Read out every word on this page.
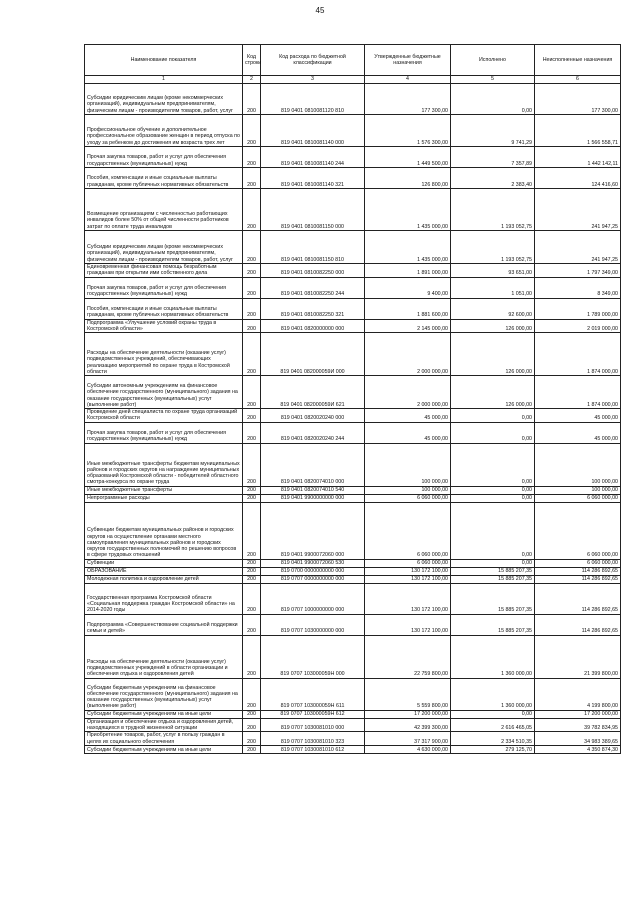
45
Наименование показателя	Код строки	Код расхода по бюджетной классификации	Утвержденные бюджетные назначения	Исполнено	Неисполненные назначения
1	2	3	4	5	6
Субсидии юридическим лицам (кроме некоммерческих организаций), индивидуальным предпринимателям, физическим лицам - производителям товаров, работ, услуг	200	819 0401 0810081120 810	177 300,00	0,00	177 300,00
Профессиональное обучение и дополнительное профессиональное образование женщин в период отпуска по уходу за ребенком до достижения им возраста трех лет	200	819 0401 0810081140 000	1 576 300,00	9 741,29	1 566 558,71
Прочая закупка товаров, работ и услуг для обеспечения государственных (муниципальных) нужд	200	819 0401 0810081140 244	1 449 500,00	7 357,89	1 442 142,11
Пособия, компенсации и иные социальные выплаты гражданам, кроме публичных нормативных обязательств	200	819 0401 0810081140 321	126 800,00	2 383,40	124 416,60
Возмещение организациям с численностью работающих инвалидов более 50% от общей численности работников затрат по оплате труда инвалидов	200	819 0401 0810081150 000	1 435 000,00	1 193 052,75	241 947,25
Субсидии юридическим лицам (кроме некоммерческих организаций), индивидуальным предпринимателям, физическим лицам - производителям товаров, работ, услуг	200	819 0401 0810081150 810	1 435 000,00	1 193 052,75	241 947,25
Единовременная финансовая помощь безработным гражданам при открытии ими собственного дела	200	819 0401 0810082250 000	1 891 000,00	93 651,00	1 797 349,00
Прочая закупка товаров, работ и услуг для обеспечения государственных (муниципальных) нужд	200	819 0401 0810082250 244	9 400,00	1 051,00	8 349,00
Пособия, компенсации и иные социальные выплаты гражданам, кроме публичных нормативных обязательств	200	819 0401 0810082250 321	1 881 600,00	92 600,00	1 789 000,00
Подпрограмма «Улучшение условий охраны труда в Костромской области»	200	819 0401 0820000000 000	2 145 000,00	126 000,00	2 019 000,00
Расходы на обеспечение деятельности (оказание услуг) подведомственных учреждений, обеспечивающих реализацию мероприятий по охране труда в Костромской области	200	819 0401 082000059И 000	2 000 000,00	126 000,00	1 874 000,00
Субсидии автономным учреждениям на финансовое обеспечение государственного (муниципального) задания на оказание государственных (муниципальных) услуг (выполнение работ)	200	819 0401 082000059И 621	2 000 000,00	126 000,00	1 874 000,00
Проведение дней специалиста по охране труда организаций Костромской области	200	819 0401 0820020240 000	45 000,00	0,00	45 000,00
Прочая закупка товаров, работ и услуг для обеспечения государственных (муниципальных) нужд	200	819 0401 0820020240 244	45 000,00	0,00	45 000,00
Иные межбюджетные трансферты бюджетам муниципальных районов и городских округов на награждение муниципальных образований Костромской области - победителей областного смотра-конкурса по охране труда	200	819 0401 0820074010 000	100 000,00	0,00	100 000,00
Иные межбюджетные трансферты	200	819 0401 0820074010 540	100 000,00	0,00	100 000,00
Непрограммные расходы	200	819 0401 9900000000 000	6 060 000,00	0,00	6 060 000,00
Субвенции бюджетам муниципальных районов и городских округов на осуществление органами местного самоуправления муниципальных районов и городских округов государственных полномочий по решению вопросов в сфере трудовых отношений	200	819 0401 9900072060 000	6 060 000,00	0,00	6 060 000,00
Субвенции	200	819 0401 9900072060 530	6 060 000,00	0,00	6 060 000,00
ОБРАЗОВАНИЕ	200	819 0700 0000000000 000	130 172 100,00	15 885 207,35	114 286 892,65
Молодежная политика и оздоровление детей	200	819 0707 0000000000 000	130 172 100,00	15 885 207,35	114 286 892,65
Государственная программа Костромской области «Социальная поддержка граждан Костромской области» на 2014-2020 годы	200	819 0707 1000000000 000	130 172 100,00	15 885 207,35	114 286 892,65
Подпрограмма «Совершенствование социальной поддержки семьи и детей»	200	819 0707 1030000000 000	130 172 100,00	15 885 207,35	114 286 892,65
Расходы на обеспечение деятельности (оказание услуг) подведомственных учреждений в области организации и обеспечения отдыха и оздоровления детей	200	819 0707 103000059Н 000	22 759 800,00	1 360 000,00	21 399 800,00
Субсидии бюджетным учреждениям на финансовое обеспечение государственного (муниципального) задания на оказание государственных (муниципальных) услуг (выполнение работ)	200	819 0707 103000059Н 611	5 559 800,00	1 360 000,00	4 199 800,00
Субсидии бюджетным учреждениям на иные цели	200	819 0707 103000059Н 612	17 200 000,00	0,00	17 200 000,00
Организация и обеспечение отдыха и оздоровления детей, находящихся в трудной жизненной ситуации	200	819 0707 1030081010 000	42 399 300,00	2 616 465,05	39 782 834,95
Приобретение товаров, работ, услуг в пользу граждан в целях их социального обеспечения	200	819 0707 1030081010 323	37 317 900,00	2 334 510,35	34 983 389,65
Субсидии бюджетным учреждениям на иные цели	200	819 0707 1030081010 612	4 630 000,00	279 125,70	4 350 874,30
